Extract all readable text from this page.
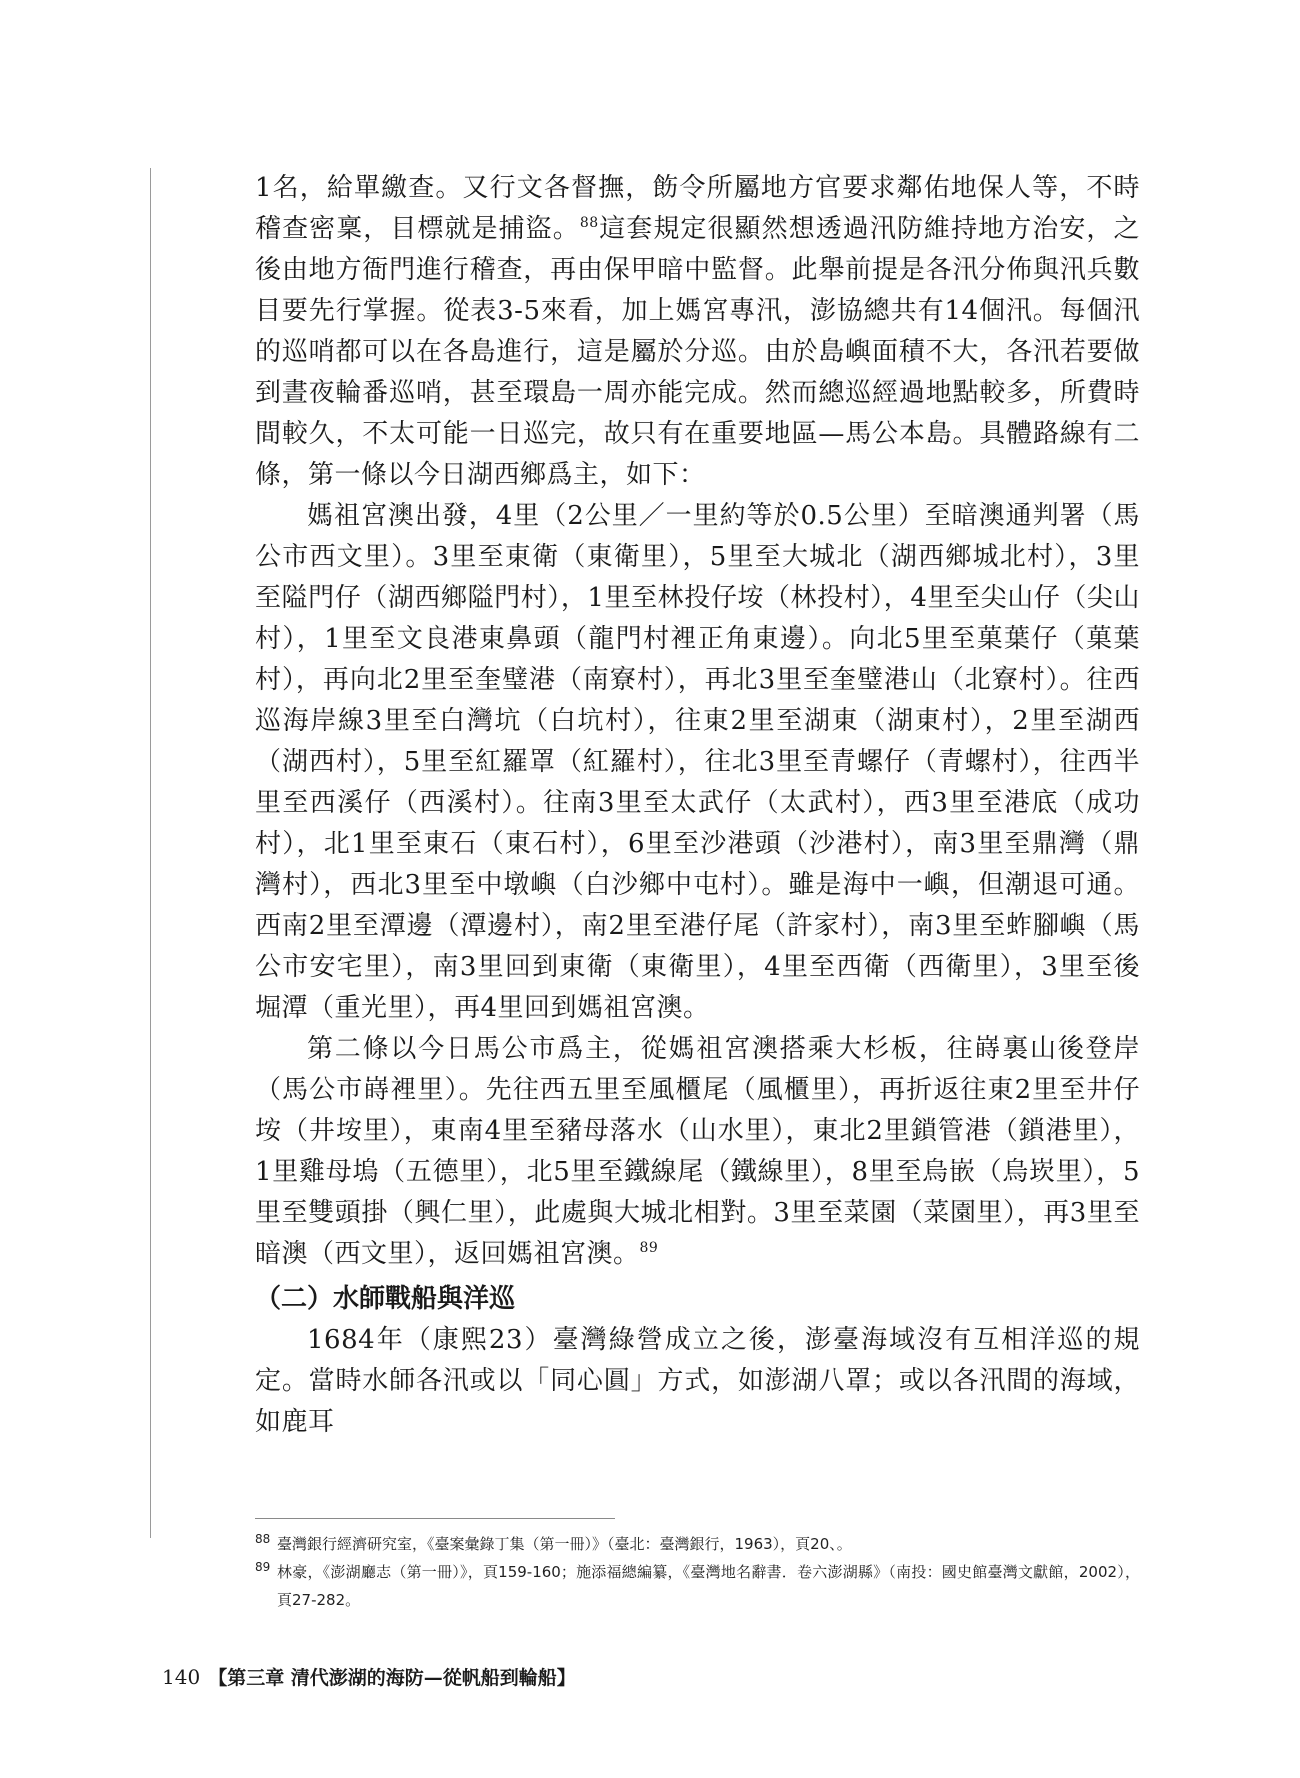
1名，給單繳查。又行文各督撫，飭令所屬地方官要求鄰佑地保人等，不時稽查密稟，目標就是捕盜。$^{88}$這套規定很顯然想透過汛防維持地方治安，之後由地方衙門進行稽查，再由保甲暗中監督。此舉前提是各汛分佈與汛兵數目要先行掌握。從表3-5來看，加上媽宮專汛，澎協總共有14個汛。每個汛的巡哨都可以在各島進行，這是屬於分巡。由於島嶼面積不大，各汛若要做到晝夜輪番巡哨，甚至環島一周亦能完成。然而總巡經過地點較多，所費時間較久，不太可能一日巡完，故只有在重要地區—馬公本島。具體路線有二條，第一條以今日湖西鄉爲主，如下：

媽祖宮澳出發，4里（2公里／一里約等於0.5公里）至暗澳通判署（馬公市西文里）。3里至東衛（東衛里），5里至大城北（湖西鄉城北村），3里至隘門仔（湖西鄉隘門村），1里至林投仔垵（林投村），4里至尖山仔（尖山村），1里至文良港東鼻頭（龍門村裡正角東邊）。向北5里至菓葉仔（菓葉村），再向北2里至奎璧港（南寮村），再北3里至奎璧港山（北寮村）。往西巡海岸線3里至白灣坑（白坑村），往東2里至湖東（湖東村），2里至湖西（湖西村），5里至紅羅罩（紅羅村），往北3里至青螺仔（青螺村），往西半里至西溪仔（西溪村）。往南3里至太武仔（太武村），西3里至港底（成功村），北1里至東石（東石村），6里至沙港頭（沙港村），南3里至鼎灣（鼎灣村），西北3里至中墩嶼（白沙鄉中屯村）。雖是海中一嶼，但潮退可通。西南2里至潭邊（潭邊村），南2里至港仔尾（許家村），南3里至蚱腳嶼（馬公市安宅里），南3里回到東衛（東衛里），4里至西衛（西衛里），3里至後堀潭（重光里），再4里回到媽祖宮澳。

第二條以今日馬公市爲主，從媽祖宮澳搭乘大杉板，往嵵裏山後登岸（馬公市嵵裡里）。先往西五里至風櫃尾（風櫃里），再折返往東2里至井仔垵（井垵里），東南4里至豬母落水（山水里），東北2里鎖管港（鎖港里），1里雞母塢（五德里），北5里至鐵線尾（鐵線里），8里至烏嵌（烏崁里），5里至雙頭掛（興仁里），此處與大城北相對。3里至菜園（菜園里），再3里至暗澳（西文里），返回媽祖宮澳。$^{89}$

（二）水師戰船與洋巡

1684年（康熙23）臺灣綠營成立之後，澎臺海域沒有互相洋巡的規定。當時水師各汛或以「同心圓」方式，如澎湖八罩；或以各汛間的海域，如鹿耳

88 臺灣銀行經濟研究室，《臺案彙錄丁集（第一冊）》（臺北：臺灣銀行，1963），頁20、。

89 林豪，《澎湖廳志（第一冊）》，頁159-160；施添福總編纂，《臺灣地名辭書．卷六澎湖縣》（南投：國史館臺灣文獻館，2002），頁27-282。

140 【第三章 清代澎湖的海防—從帆船到輪船】
